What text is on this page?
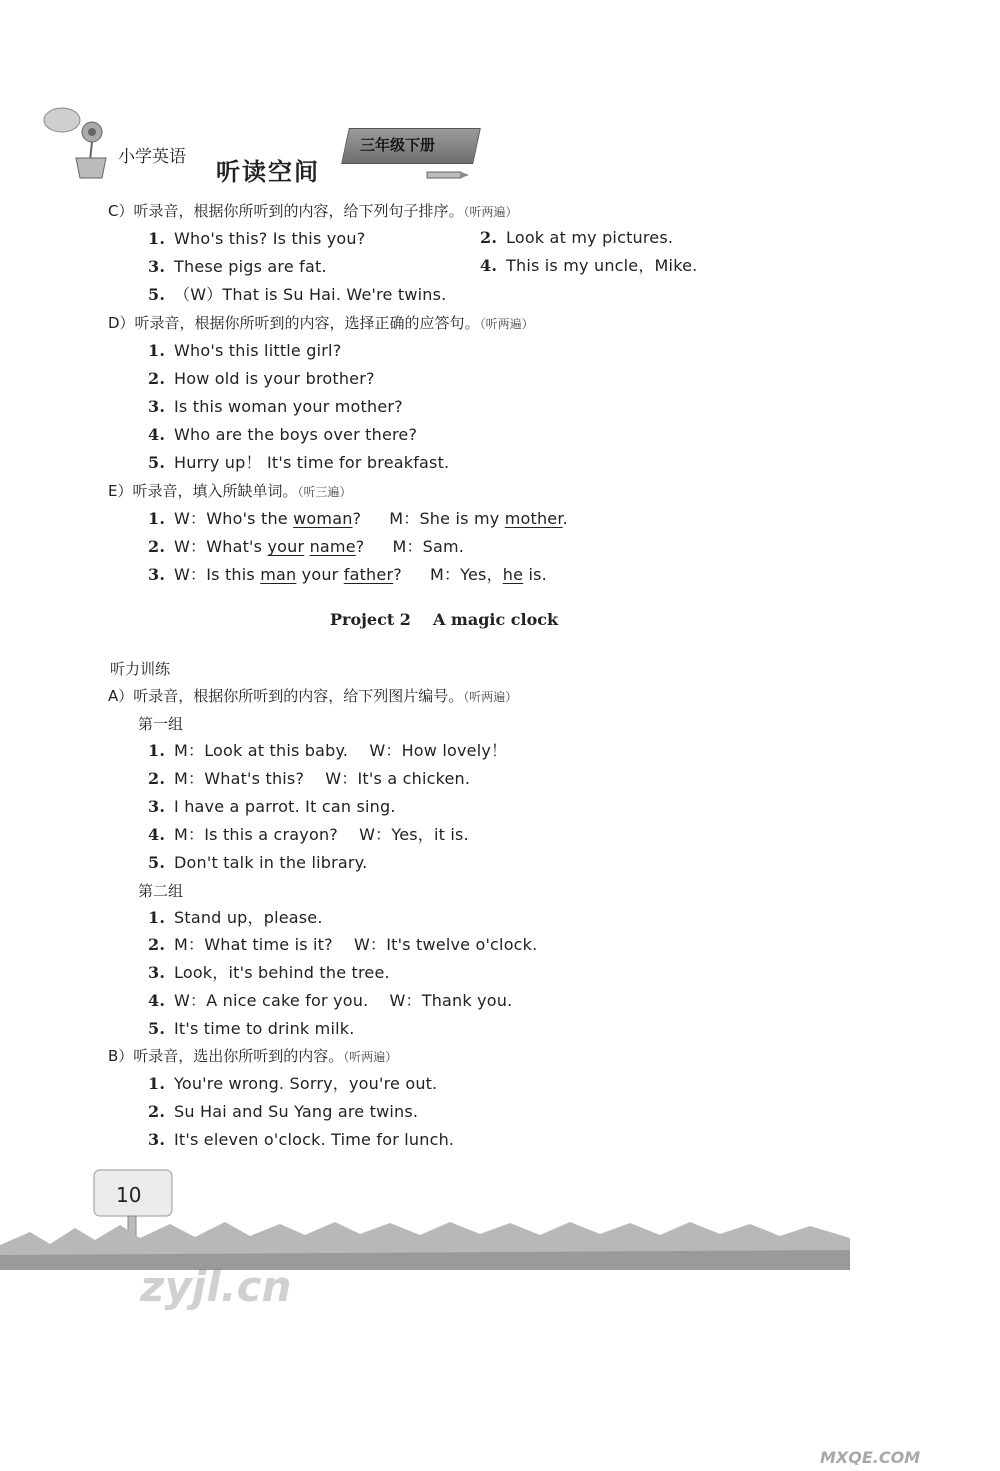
小学英语
听读空间
三年级下册
C）听录音，根据你所听到的内容，给下列句子排序。（听两遍）
1. Who's this? Is this you?	2. Look at my pictures.
3. These pigs are fat.	4. This is my uncle，Mike.
5. （W）That is Su Hai. We're twins.
D）听录音，根据你所听到的内容，选择正确的应答句。（听两遍）
1. Who's this little girl?
2. How old is your brother?
3. Is this woman your mother?
4. Who are the boys over there?
5. Hurry up！ It's time for breakfast.
E）听录音，填入所缺单词。（听三遍）
1. W：Who's the woman? M：She is my mother.
2. W：What's your name? M：Sam.
3. W：Is this man your father? M：Yes，he is.
Project 2 A magic clock
听力训练
A）听录音，根据你所听到的内容，给下列图片编号。（听两遍）
第一组
1. M：Look at this baby.    W：How lovely！
2. M：What's this?    W：It's a chicken.
3. I have a parrot. It can sing.
4. M：Is this a crayon?    W：Yes，it is.
5. Don't talk in the library.
第二组
1. Stand up，please.
2. M：What time is it?    W：It's twelve o'clock.
3. Look，it's behind the tree.
4. W：A nice cake for you.    W：Thank you.
5. It's time to drink milk.
B）听录音，选出你所听到的内容。（听两遍）
1. You're wrong. Sorry，you're out.
2. Su Hai and Su Yang are twins.
3. It's eleven o'clock. Time for lunch.
10
zyjl.cn
MXQE.COM
